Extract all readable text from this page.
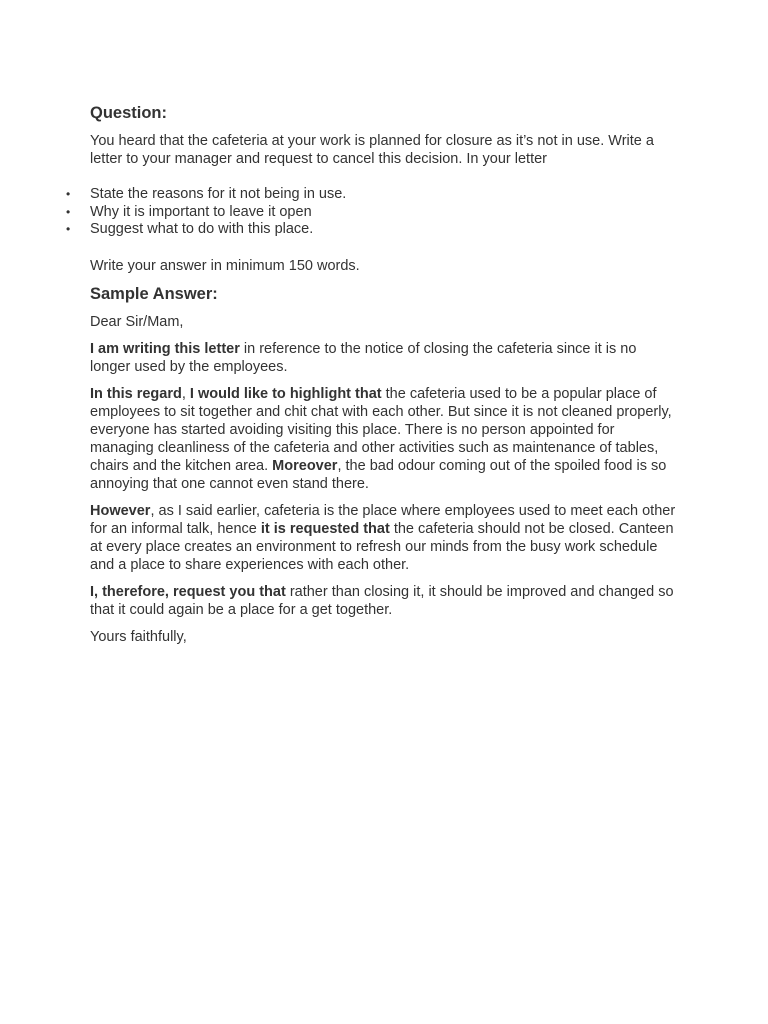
Question:

You heard that the cafeteria at your work is planned for closure as it’s not in use. Write a letter to your manager and request to cancel this decision. In your letter

• State the reasons for it not being in use.
• Why it is important to leave it open
• Suggest what to do with this place.

Write your answer in minimum 150 words.

Sample Answer:

Dear Sir/Mam,

I am writing this letter in reference to the notice of closing the cafeteria since it is no longer used by the employees.

In this regard, I would like to highlight that the cafeteria used to be a popular place of employees to sit together and chit chat with each other. But since it is not cleaned properly, everyone has started avoiding visiting this place. There is no person appointed for managing cleanliness of the cafeteria and other activities such as maintenance of tables, chairs and the kitchen area. Moreover, the bad odour coming out of the spoiled food is so annoying that one cannot even stand there.

However, as I said earlier, cafeteria is the place where employees used to meet each other for an informal talk, hence it is requested that the cafeteria should not be closed. Canteen at every place creates an environment to refresh our minds from the busy work schedule and a place to share experiences with each other.

I, therefore, request you that rather than closing it, it should be improved and changed so that it could again be a place for a get together.

Yours faithfully,
